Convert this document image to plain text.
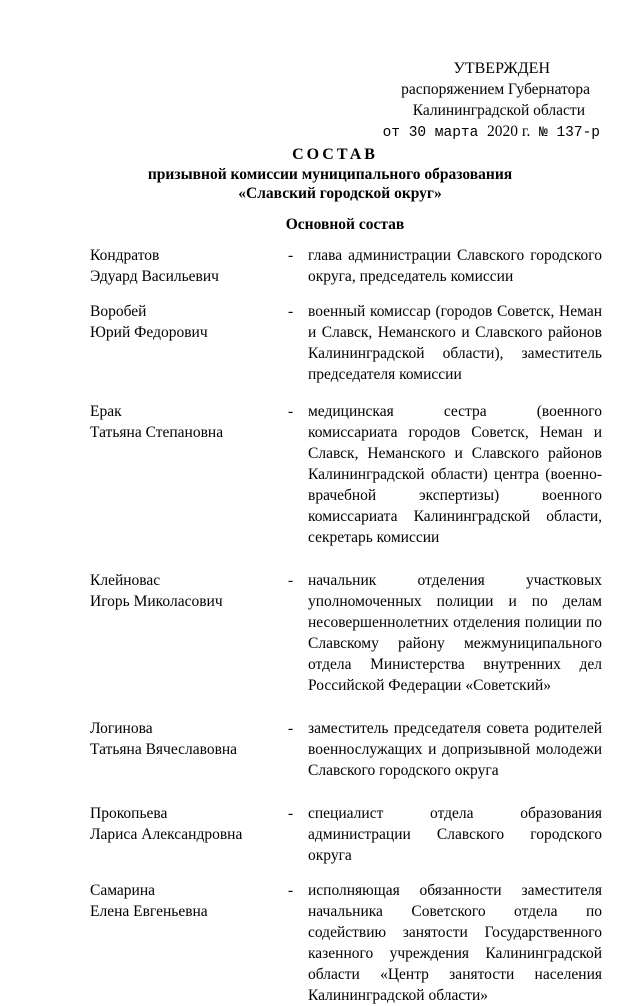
УТВЕРЖДЕН
распоряжением Губернатора
Калининградской области
от 30 марта 2020 г. № 137-р
СОСТАВ
призывной комиссии муниципального образования
«Славский городской округ»
Основной состав
Кондратов
Эдуард Васильевич
- глава администрации Славского городского округа, председатель комиссии
Воробей
Юрий Федорович
- военный комиссар (городов Советск, Неман и Славск, Неманского и Славского районов Калининградской области), заместитель председателя комиссии
Ерак
Татьяна Степановна
- медицинская сестра (военного комиссариата городов Советск, Неман и Славск, Неманского и Славского районов Калининградской области) центра (военно-врачебной экспертизы) военного комиссариата Калининградской области, секретарь комиссии
Клейновас
Игорь Миколасович
- начальник отделения участковых уполномоченных полиции и по делам несовершеннолетних отделения полиции по Славскому району межмуниципального отдела Министерства внутренних дел Российской Федерации «Советский»
Логинова
Татьяна Вячеславовна
- заместитель председателя совета родителей военнослужащих и допризывной молодежи Славского городского округа
Прокопьева
Лариса Александровна
- специалист отдела образования администрации Славского городского округа
Самарина
Елена Евгеньевна
- исполняющая обязанности заместителя начальника Советского отдела по содействию занятости Государственного казенного учреждения Калининградской области «Центр занятости населения Калининградской области»
